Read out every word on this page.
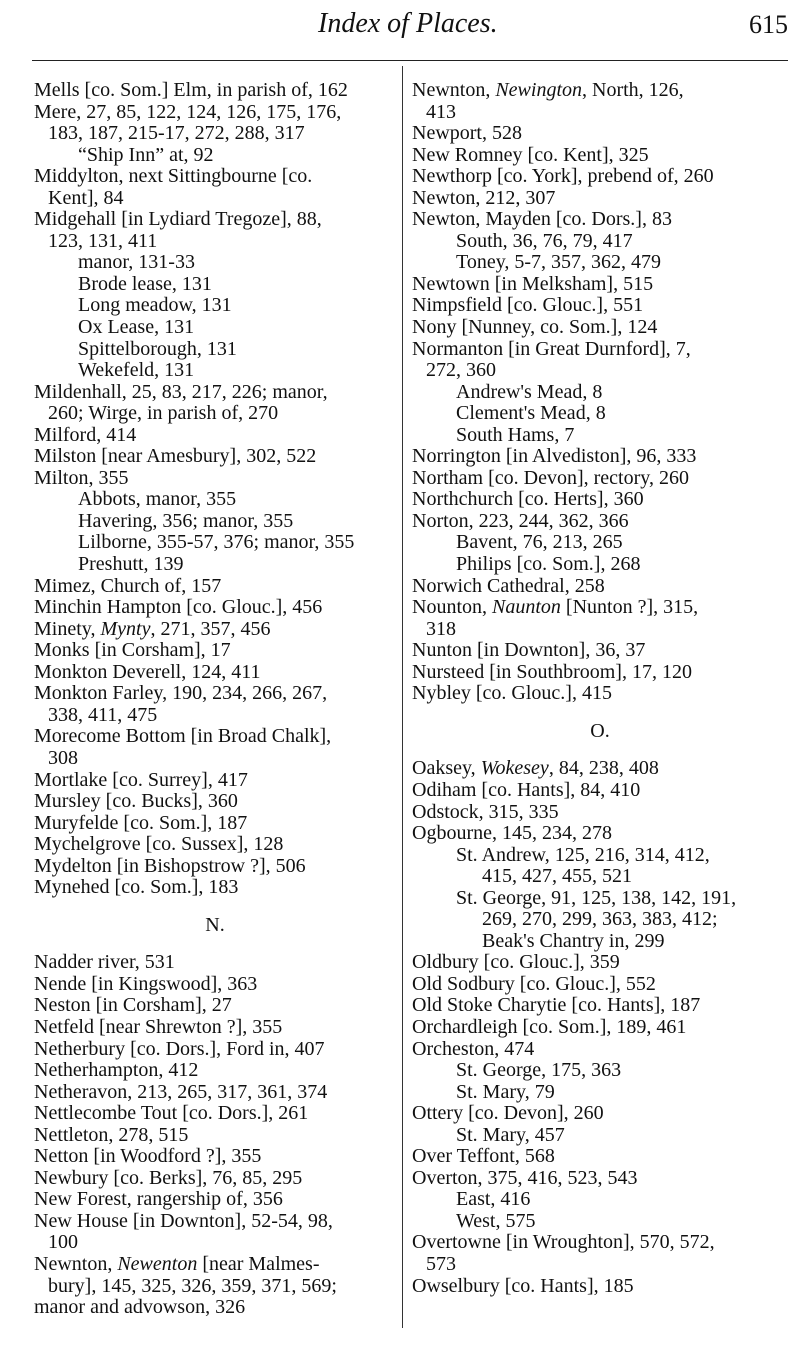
Index of Places.	615
Mells [co. Som.] Elm, in parish of, 162
Mere, 27, 85, 122, 124, 126, 175, 176,
183, 187, 215-17, 272, 288, 317
“Ship Inn” at, 92
Middylton, next Sittingbourne [co.
Kent], 84
Midgehall [in Lydiard Tregoze], 88,
123, 131, 411
manor, 131-33
Brode lease, 131
Long meadow, 131
Ox Lease, 131
Spittelborough, 131
Wekefeld, 131
Mildenhall, 25, 83, 217, 226; manor,
260; Wirge, in parish of, 270
Milford, 414
Milston [near Amesbury], 302, 522
Milton, 355
Abbots, manor, 355
Havering, 356; manor, 355
Lilborne, 355-57, 376; manor, 355
Preshutt, 139
Mimez, Church of, 157
Minchin Hampton [co. Glouc.], 456
Minety, Mynty, 271, 357, 456
Monks [in Corsham], 17
Monkton Deverell, 124, 411
Monkton Farley, 190, 234, 266, 267,
338, 411, 475
Morecome Bottom [in Broad Chalk],
308
Mortlake [co. Surrey], 417
Mursley [co. Bucks], 360
Muryfelde [co. Som.], 187
Mychelgrove [co. Sussex], 128
Mydelton [in Bishopstrow ?], 506
Mynehed [co. Som.], 183
N.
Nadder river, 531
Nende [in Kingswood], 363
Neston [in Corsham], 27
Netfeld [near Shrewton ?], 355
Netherbury [co. Dors.], Ford in, 407
Netherhampton, 412
Netheravon, 213, 265, 317, 361, 374
Nettlecombe Tout [co. Dors.], 261
Nettleton, 278, 515
Netton [in Woodford ?], 355
Newbury [co. Berks], 76, 85, 295
New Forest, rangership of, 356
New House [in Downton], 52-54, 98,
100
Newnton, Newenton [near Malmes-
bury], 145, 325, 326, 359, 371, 569;
manor and advowson, 326
Newnton, Newington, North, 126,
413
Newport, 528
New Romney [co. Kent], 325
Newthorp [co. York], prebend of, 260
Newton, 212, 307
Newton, Mayden [co. Dors.], 83
South, 36, 76, 79, 417
Toney, 5-7, 357, 362, 479
Newtown [in Melksham], 515
Nimpsfield [co. Glouc.], 551
Nony [Nunney, co. Som.], 124
Normanton [in Great Durnford], 7,
272, 360
Andrew's Mead, 8
Clement's Mead, 8
South Hams, 7
Norrington [in Alvediston], 96, 333
Northam [co. Devon], rectory, 260
Northchurch [co. Herts], 360
Norton, 223, 244, 362, 366
Bavent, 76, 213, 265
Philips [co. Som.], 268
Norwich Cathedral, 258
Nounton, Naunton [Nunton ?], 315,
318
Nunton [in Downton], 36, 37
Nursteed [in Southbroom], 17, 120
Nybley [co. Glouc.], 415
O.
Oaksey, Wokesey, 84, 238, 408
Odiham [co. Hants], 84, 410
Odstock, 315, 335
Ogbourne, 145, 234, 278
St. Andrew, 125, 216, 314, 412,
415, 427, 455, 521
St. George, 91, 125, 138, 142, 191,
269, 270, 299, 363, 383, 412;
Beak's Chantry in, 299
Oldbury [co. Glouc.], 359
Old Sodbury [co. Glouc.], 552
Old Stoke Charytie [co. Hants], 187
Orchardleigh [co. Som.], 189, 461
Orcheston, 474
St. George, 175, 363
St. Mary, 79
Ottery [co. Devon], 260
St. Mary, 457
Over Teffont, 568
Overton, 375, 416, 523, 543
East, 416
West, 575
Overtowne [in Wroughton], 570, 572,
573
Owselbury [co. Hants], 185
